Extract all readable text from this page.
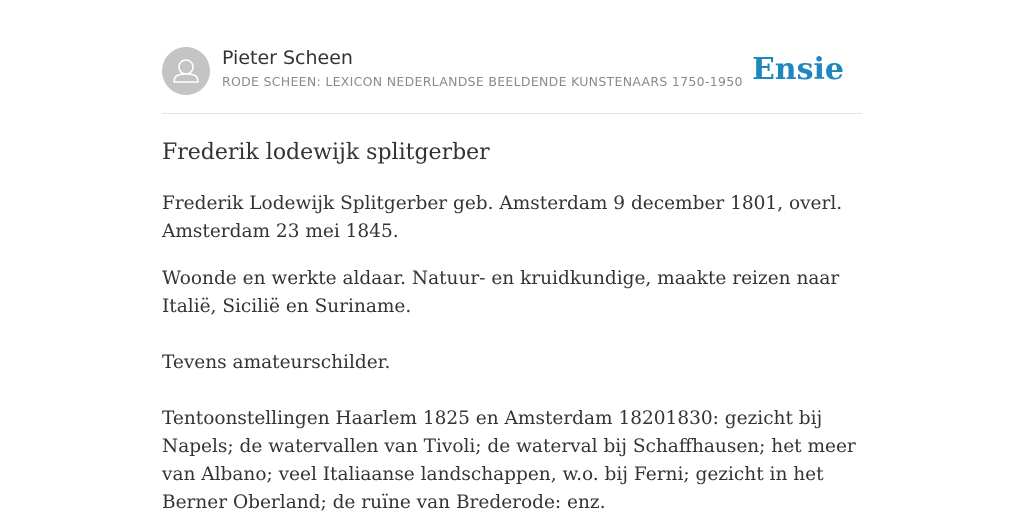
Pieter Scheen
RODE SCHEEN: LEXICON NEDERLANDSE BEELDENDE KUNSTENAARS 1750-1950 Ensie
Frederik lodewijk splitgerber

Frederik Lodewijk Splitgerber geb. Amsterdam 9 december 1801, overl. Amsterdam 23 mei 1845.

Woonde en werkte aldaar. Natuur- en kruidkundige, maakte reizen naar Italië, Sicilië en Suriname.

Tevens amateurschilder.

Tentoonstellingen Haarlem 1825 en Amsterdam 18201830: gezicht bij Napels; de watervallen van Tivoli; de waterval bij Schaffhausen; het meer van Albano; veel Italiaanse landschappen, w.o. bij Ferni; gezicht in het Berner Oberland; de ruïne van Brederode: enz.
